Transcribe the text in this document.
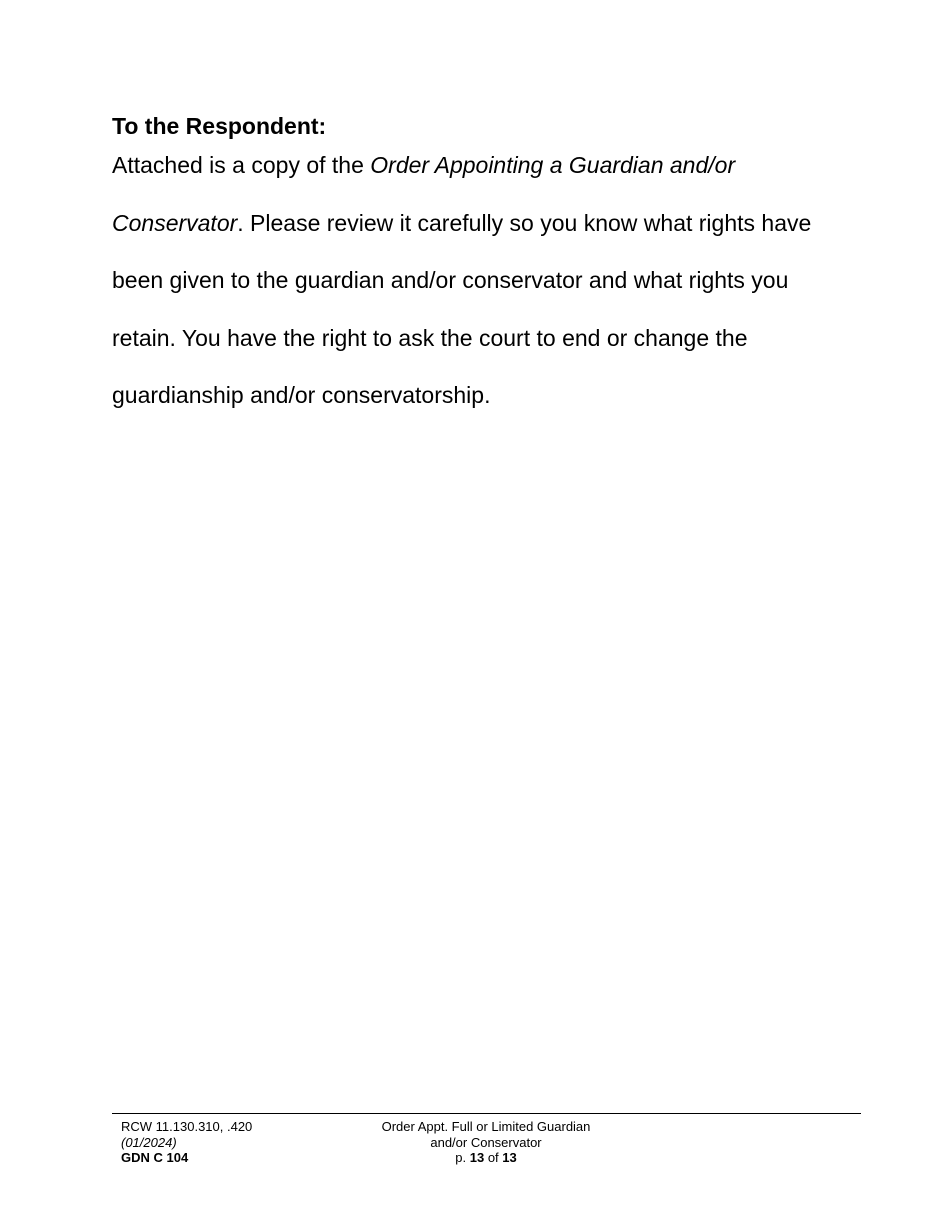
To the Respondent:

Attached is a copy of the Order Appointing a Guardian and/or Conservator. Please review it carefully so you know what rights have been given to the guardian and/or conservator and what rights you retain. You have the right to ask the court to end or change the guardianship and/or conservatorship.

RCW 11.130.310, .420
(01/2024)
GDN C 104
Order Appt. Full or Limited Guardian
and/or Conservator
p. 13 of 13
